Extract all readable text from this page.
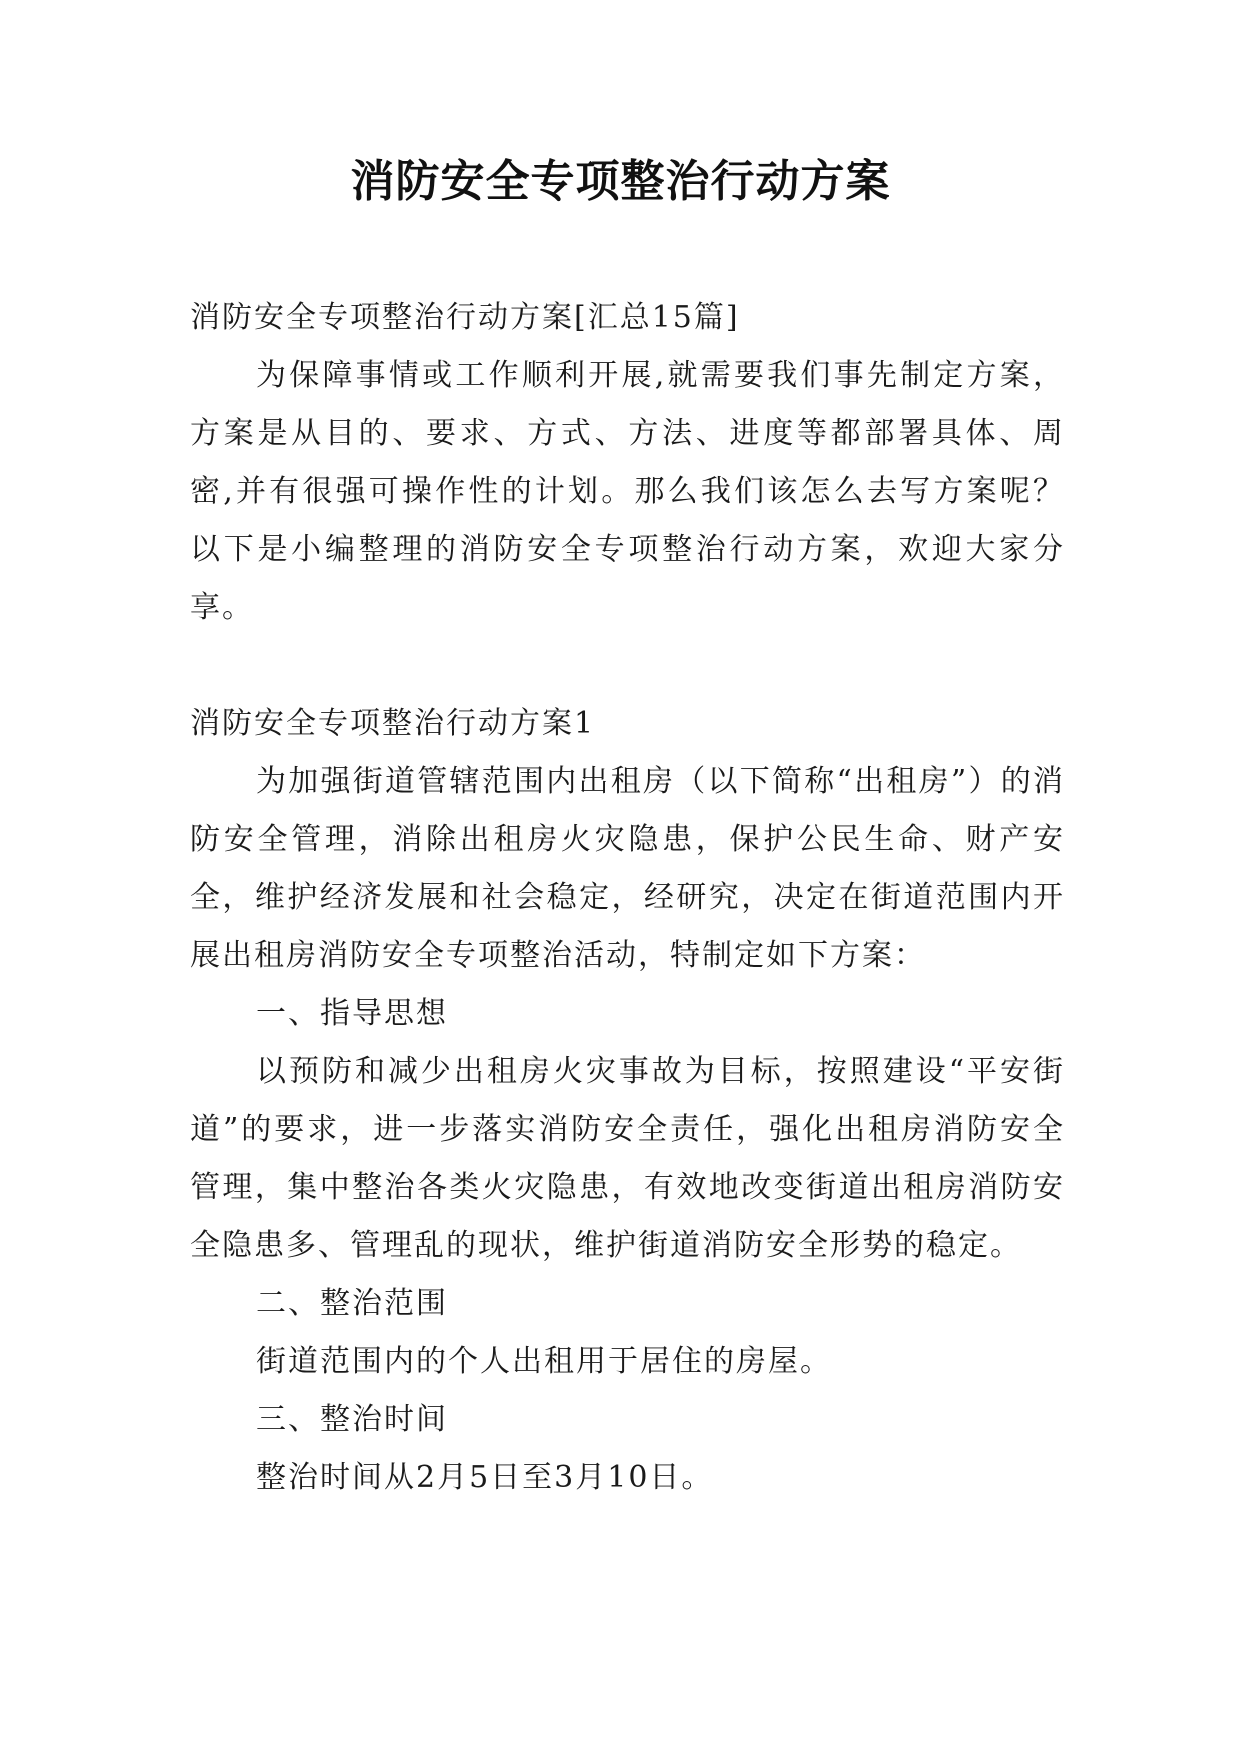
消防安全专项整治行动方案

消防安全专项整治行动方案[汇总15篇]

为保障事情或工作顺利开展,就需要我们事先制定方案，方案是从目的、要求、方式、方法、进度等都部署具体、周密,并有很强可操作性的计划。那么我们该怎么去写方案呢？以下是小编整理的消防安全专项整治行动方案，欢迎大家分享。

消防安全专项整治行动方案1

为加强街道管辖范围内出租房（以下简称“出租房”）的消防安全管理，消除出租房火灾隐患，保护公民生命、财产安全，维护经济发展和社会稳定，经研究，决定在街道范围内开展出租房消防安全专项整治活动，特制定如下方案：

一、指导思想

以预防和减少出租房火灾事故为目标，按照建设“平安街道”的要求，进一步落实消防安全责任，强化出租房消防安全管理，集中整治各类火灾隐患，有效地改变街道出租房消防安全隐患多、管理乱的现状，维护街道消防安全形势的稳定。

二、整治范围

街道范围内的个人出租用于居住的房屋。

三、整治时间

整治时间从2月5日至3月10日。
